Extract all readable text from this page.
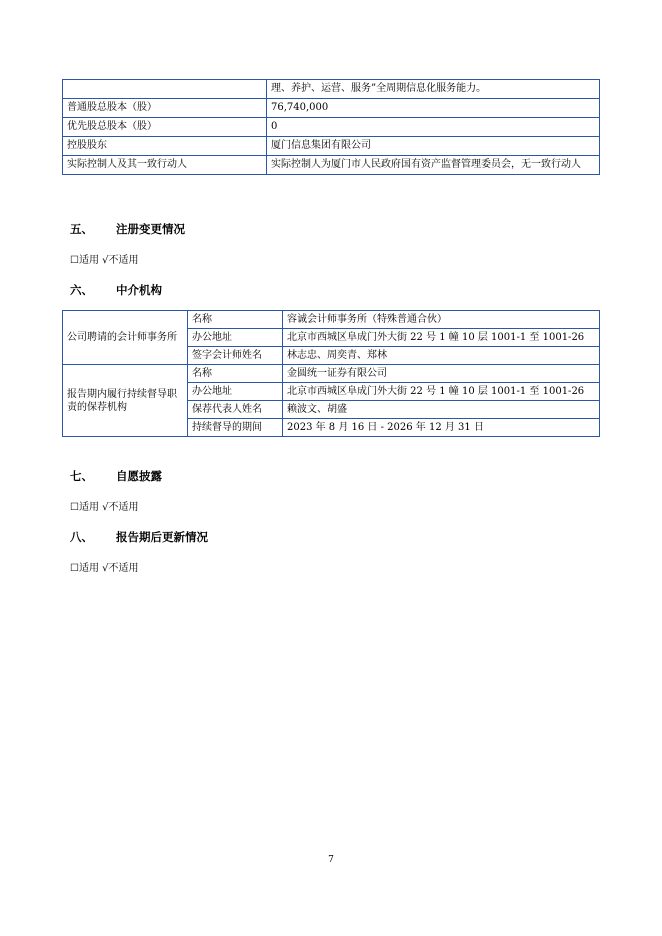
	理、养护、运营、服务”全周期信息化服务能力。
普通股总股本（股）	76,740,000
优先股总股本（股）	0
控股股东	厦门信息集团有限公司
实际控制人及其一致行动人	实际控制人为厦门市人民政府国有资产监督管理委员会，无一致行动人
五、 注册变更情况
☐适用 √不适用
六、 中介机构
公司聘请的会计师事务所	名称	容诚会计师事务所（特殊普通合伙）
	办公地址	北京市西城区阜成门外大街 22 号 1 幢 10 层 1001-1 至 1001-26
	签字会计师姓名	林志忠、周奕青、郑林
报告期内履行持续督导职责的保荐机构	名称	金圆统一证券有限公司
	办公地址	北京市西城区阜成门外大街 22 号 1 幢 10 层 1001-1 至 1001-26
	保荐代表人姓名	赖波文、胡盛
	持续督导的期间	2023 年 8 月 16 日 - 2026 年 12 月 31 日
七、 自愿披露
☐适用 √不适用
八、 报告期后更新情况
☐适用 √不适用
7
